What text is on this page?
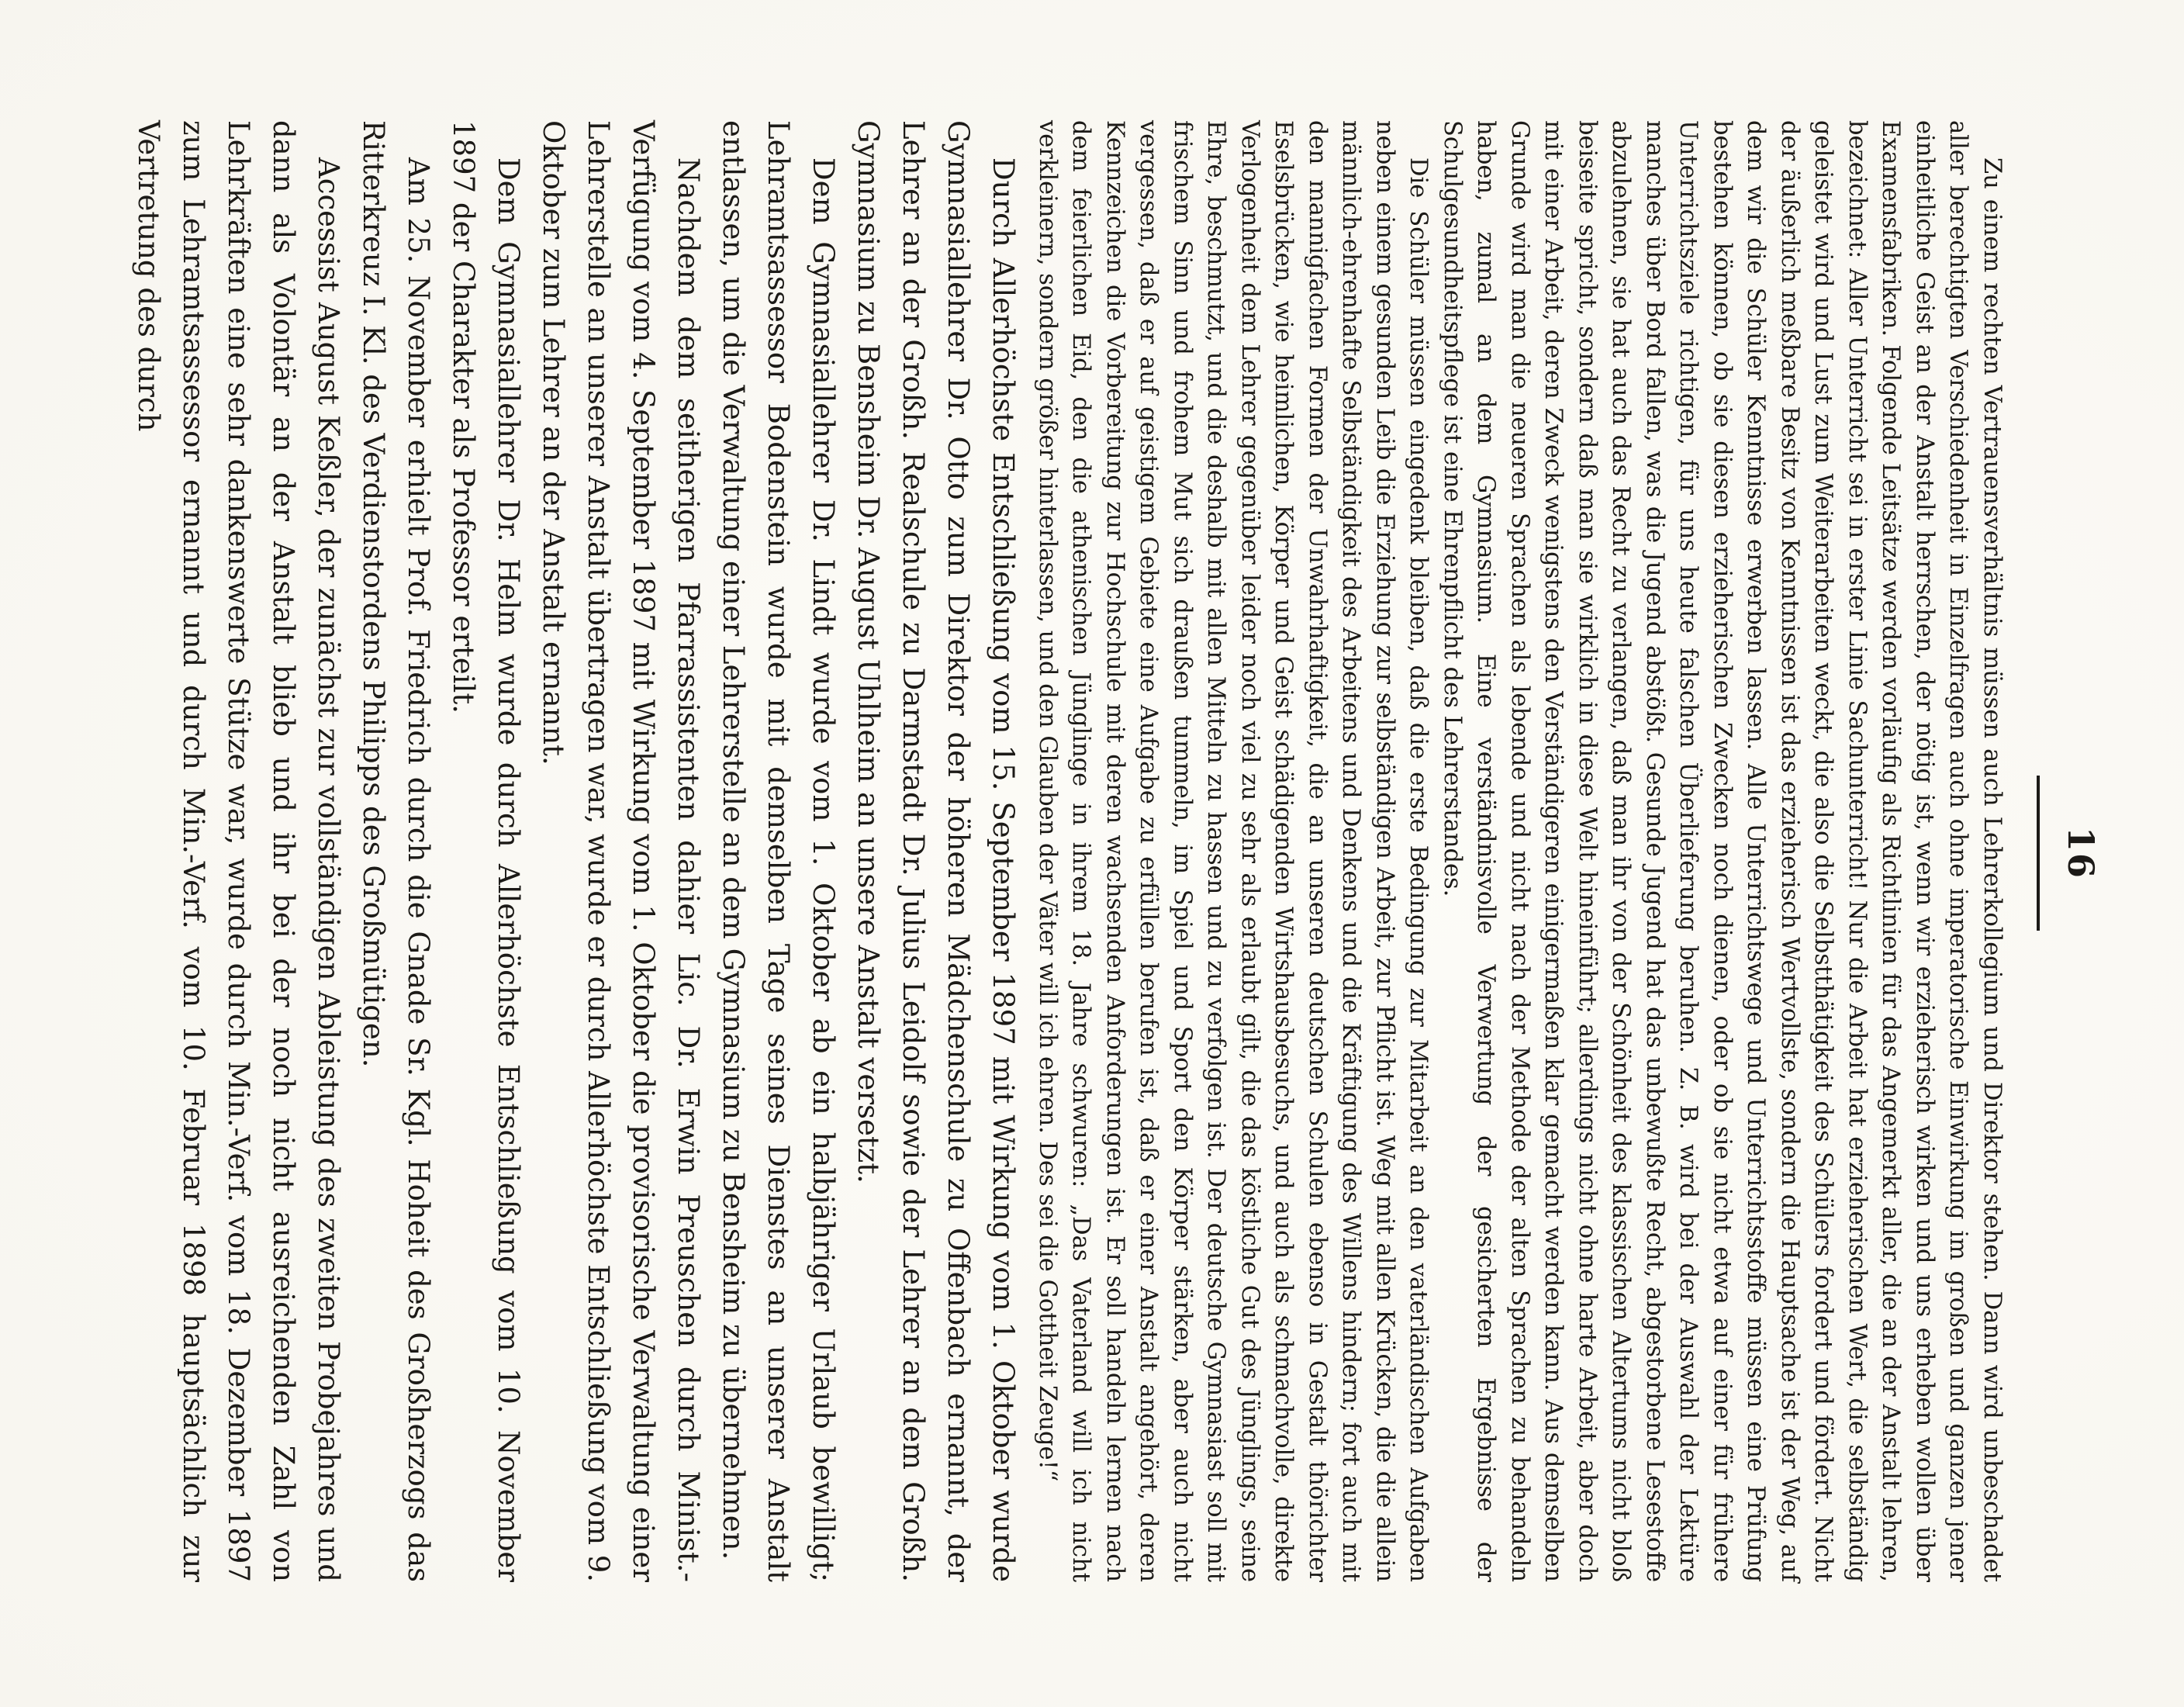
16

Zu einem rechten Vertrauensverhältnis müssen auch Lehrerkollegium und Direktor stehen. Dann wird unbeschadet aller berechtigten Verschiedenheit in Einzelfragen auch ohne imperatorische Einwirkung im großen und ganzen jener einheitliche Geist an der Anstalt herrschen, der nötig ist, wenn wir erzieherisch wirken und uns erheben wollen über Examensfabriken. Folgende Leitsätze werden vorläufig als Richtlinien für das Angemerkt aller, die an der Anstalt lehren, bezeichnet: Aller Unterricht sei in erster Linie Sachunterricht! Nur die Arbeit hat erzieherischen Wert, die selbständig geleistet wird und Lust zum Weiterarbeiten weckt, die also die Selbstthätigkeit des Schülers fordert und fördert. Nicht der äußerlich meßbare Besitz von Kenntnissen ist das erzieherisch Wertvollste, sondern die Hauptsache ist der Weg, auf dem wir die Schüler Kenntnisse erwerben lassen. Alle Unterrichtswege und Unterrichtsstoffe müssen eine Prüfung bestehen können, ob sie diesen erzieherischen Zwecken noch dienen, oder ob sie nicht etwa auf einer für frühere Unterrichtsziele richtigen, für uns heute falschen Überlieferung beruhen. Z. B. wird bei der Auswahl der Lektüre manches über Bord fallen, was die Jugend abstößt. Gesunde Jugend hat das unbewußte Recht, abgestorbene Lesestoffe abzulehnen, sie hat auch das Recht zu verlangen, daß man ihr von der Schönheit des klassischen Altertums nicht bloß beiseite spricht, sondern daß man sie wirklich in diese Welt hineinführt; allerdings nicht ohne harte Arbeit, aber doch mit einer Arbeit, deren Zweck wenigstens den Verständigeren einigermaßen klar gemacht werden kann. Aus demselben Grunde wird man die neueren Sprachen als lebende und nicht nach der Methode der alten Sprachen zu behandeln haben, zumal an dem Gymnasium. Eine verständnisvolle Verwertung der gesicherten Ergebnisse der Schulgesundheitspflege ist eine Ehrenpflicht des Lehrerstandes.

Die Schüler müssen eingedenk bleiben, daß die erste Bedingung zur Mitarbeit an den vaterländischen Aufgaben neben einem gesunden Leib die Erziehung zur selbständigen Arbeit, zur Pflicht ist. Weg mit allen Krücken, die die allein männlich-ehrenhafte Selbständigkeit des Arbeitens und Denkens und die Kräftigung des Willens hindern; fort auch mit den mannigfachen Formen der Unwahrhaftigkeit, die an unseren deutschen Schulen ebenso in Gestalt thörichter Eselsbrücken, wie heimlichen, Körper und Geist schädigenden Wirtshausbesuchs, und auch als schmachvolle, direkte Verlogenheit dem Lehrer gegenüber leider noch viel zu sehr als erlaubt gilt, die das köstliche Gut des Jünglings, seine Ehre, beschmutzt, und die deshalb mit allen Mitteln zu hassen und zu verfolgen ist. Der deutsche Gymnasiast soll mit frischem Sinn und frohem Mut sich draußen tummeln, im Spiel und Sport den Körper stärken, aber auch nicht vergessen, daß er auf geistigem Gebiete eine Aufgabe zu erfüllen berufen ist, daß er einer Anstalt angehört, deren Kennzeichen die Vorbereitung zur Hochschule mit deren wachsenden Anforderungen ist. Er soll handeln lernen nach dem feierlichen Eid, den die athenischen Jünglinge in ihrem 18. Jahre schwuren: „Das Vaterland will ich nicht verkleinern, sondern größer hinterlassen, und den Glauben der Väter will ich ehren. Des sei die Gottheit Zeuge!“

Durch Allerhöchste Entschließung vom 15. September 1897 mit Wirkung vom 1. Oktober wurde Gymnasiallehrer Dr. Otto zum Direktor der höheren Mädchenschule zu Offenbach ernannt, der Lehrer an der Großh. Realschule zu Darmstadt Dr. Julius Leidolf sowie der Lehrer an dem Großh. Gymnasium zu Bensheim Dr. August Uhlheim an unsere Anstalt versetzt.

Dem Gymnasiallehrer Dr. Lindt wurde vom 1. Oktober ab ein halbjähriger Urlaub bewilligt; Lehramtsassessor Bodenstein wurde mit demselben Tage seines Dienstes an unserer Anstalt entlassen, um die Verwaltung einer Lehrerstelle an dem Gymnasium zu Bensheim zu übernehmen.

Nachdem dem seitherigen Pfarrassistenten dahier Lic. Dr. Erwin Preuschen durch Minist.-Verfügung vom 4. September 1897 mit Wirkung vom 1. Oktober die provisorische Verwaltung einer Lehrerstelle an unserer Anstalt übertragen war, wurde er durch Allerhöchste Entschließung vom 9. Oktober zum Lehrer an der Anstalt ernannt.

Dem Gymnasiallehrer Dr. Helm wurde durch Allerhöchste Entschließung vom 10. November 1897 der Charakter als Professor erteilt.

Am 25. November erhielt Prof. Friedrich durch die Gnade Sr. Kgl. Hoheit des Großherzogs das Ritterkreuz I. Kl. des Verdienstordens Philipps des Großmütigen.

Accessist August Keßler, der zunächst zur vollständigen Ableistung des zweiten Probejahres und dann als Volontär an der Anstalt blieb und ihr bei der noch nicht ausreichenden Zahl von Lehrkräften eine sehr dankenswerte Stütze war, wurde durch Min.-Verf. vom 18. Dezember 1897 zum Lehramtsassessor ernannt und durch Min.-Verf. vom 10. Februar 1898 hauptsächlich zur Vertretung des durch
